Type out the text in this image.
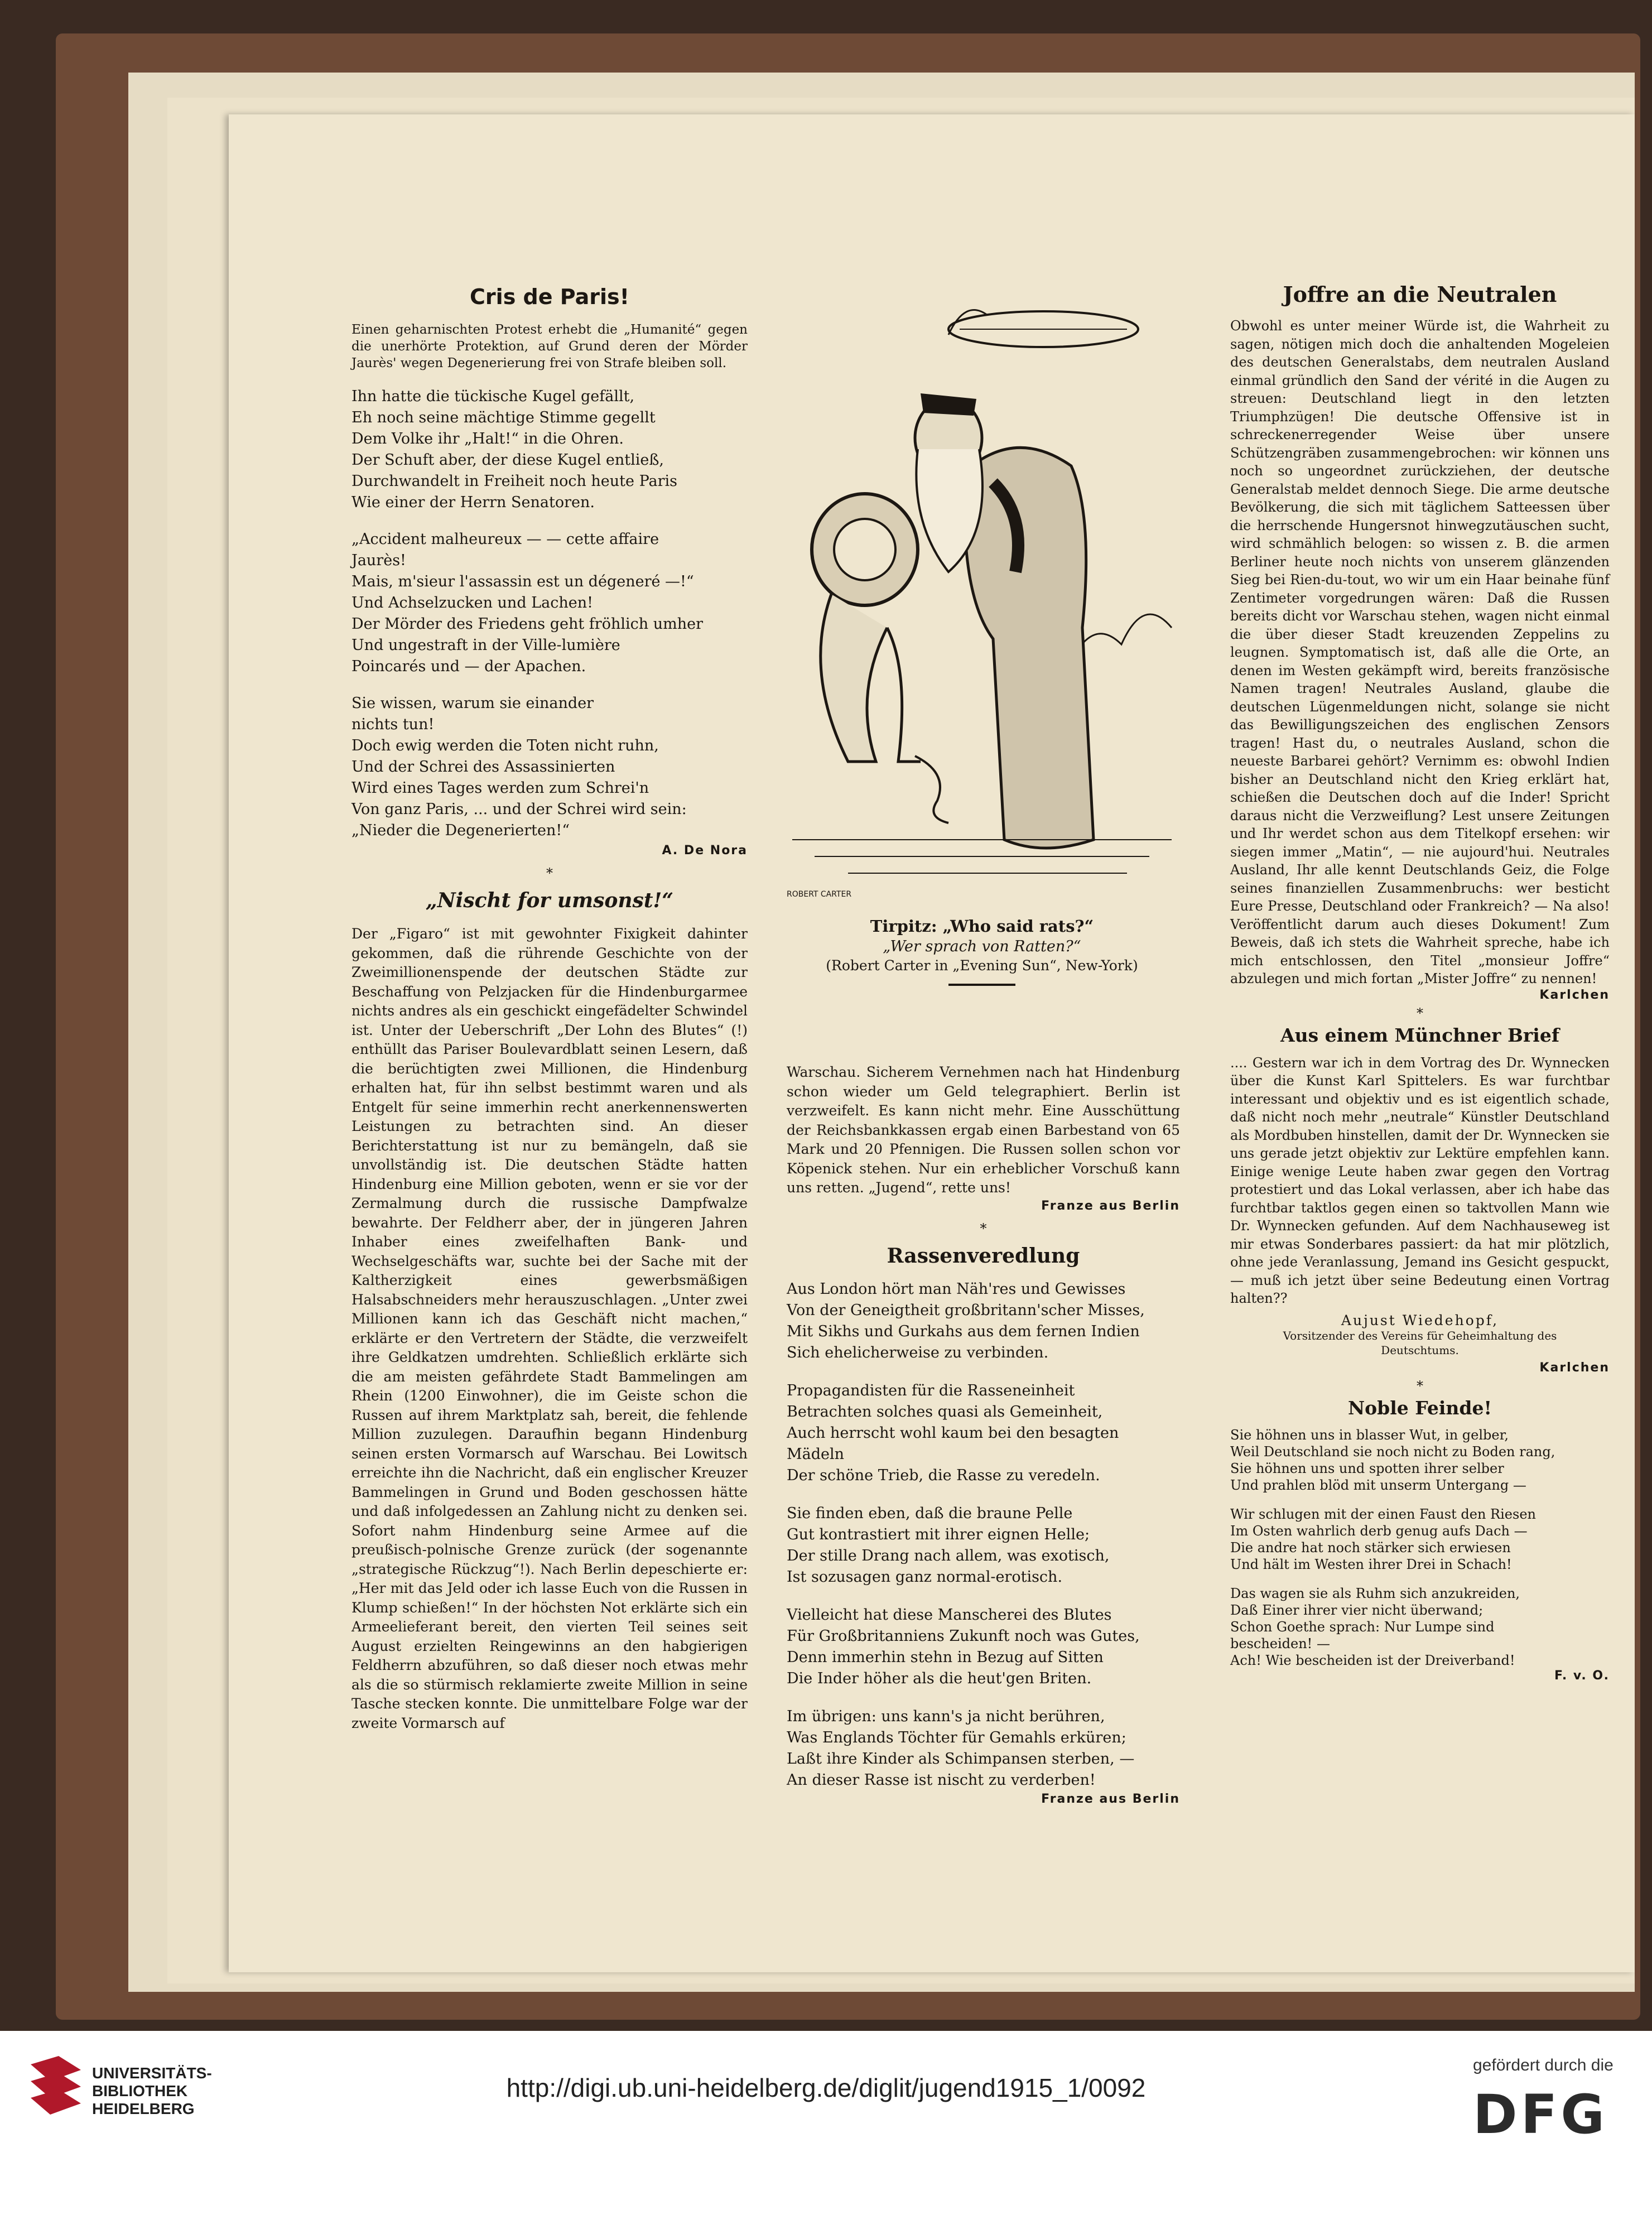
Cris de Paris!
Einen geharnischten Protest erhebt die „Humanité“ gegen die unerhörte Protektion, auf Grund deren der Mörder Jaurès' wegen Degenerierung frei von Strafe bleiben soll.
Ihn hatte die tückische Kugel gefällt,
Eh noch seine mächtige Stimme gegellt
Dem Volke ihr „Halt!“ in die Ohren.
Der Schuft aber, der diese Kugel entließ,
Durchwandelt in Freiheit noch heute Paris
Wie einer der Herrn Senatoren.
„Accident malheureux — — cette affaire
Jaurès!
Mais, m'sieur l'assassin est un dégeneré —!“
Und Achselzucken und Lachen!
Der Mörder des Friedens geht fröhlich umher
Und ungestraft in der Ville-lumière
Poincarés und — der Apachen.
Sie wissen, warum sie einander
nichts tun!
Doch ewig werden die Toten nicht ruhn,
Und der Schrei des Assassinierten
Wird eines Tages werden zum Schrei'n
Von ganz Paris, ... und der Schrei wird sein:
„Nieder die Degenerierten!“
A. De Nora
*
„Nischt for umsonst!“
Der „Figaro“ ist mit gewohnter Fixigkeit dahinter gekommen, daß die rührende Geschichte von der Zweimillionenspende der deutschen Städte zur Beschaffung von Pelzjacken für die Hindenburgarmee nichts andres als ein geschickt eingefädelter Schwindel ist. Unter der Ueberschrift „Der Lohn des Blutes“ (!) enthüllt das Pariser Boulevardblatt seinen Lesern, daß die berüchtigten zwei Millionen, die Hindenburg erhalten hat, für ihn selbst bestimmt waren und als Entgelt für seine immerhin recht anerkennenswerten Leistungen zu betrachten sind. An dieser Berichterstattung ist nur zu bemängeln, daß sie unvollständig ist. Die deutschen Städte hatten Hindenburg eine Million geboten, wenn er sie vor der Zermalmung durch die russische Dampfwalze bewahrte. Der Feldherr aber, der in jüngeren Jahren Inhaber eines zweifelhaften Bank- und Wechselgeschäfts war, suchte bei der Sache mit der Kaltherzigkeit eines gewerbsmäßigen Halsabschneiders mehr herauszuschlagen. „Unter zwei Millionen kann ich das Geschäft nicht machen,“ erklärte er den Vertretern der Städte, die verzweifelt ihre Geldkatzen umdrehten. Schließlich erklärte sich die am meisten gefährdete Stadt Bammelingen am Rhein (1200 Einwohner), die im Geiste schon die Russen auf ihrem Marktplatz sah, bereit, die fehlende Million zuzulegen. Daraufhin begann Hindenburg seinen ersten Vormarsch auf Warschau. Bei Lowitsch erreichte ihn die Nachricht, daß ein englischer Kreuzer Bammelingen in Grund und Boden geschossen hätte und daß infolgedessen an Zahlung nicht zu denken sei. Sofort nahm Hindenburg seine Armee auf die preußisch-polnische Grenze zurück (der sogenannte „strategische Rückzug“!). Nach Berlin depeschierte er: „Her mit das Jeld oder ich lasse Euch von die Russen in Klump schießen!“ In der höchsten Not erklärte sich ein Armeelieferant bereit, den vierten Teil seines seit August erzielten Reingewinns an den habgierigen Feldherrn abzuführen, so daß dieser noch etwas mehr als die so stürmisch reklamierte zweite Million in seine Tasche stecken konnte. Die unmittelbare Folge war der zweite Vormarsch auf
ROBERT CARTER
Tirpitz: „Who said rats?“
„Wer sprach von Ratten?“
(Robert Carter in „Evening Sun“, New-York)
Warschau. Sicherem Vernehmen nach hat Hindenburg schon wieder um Geld telegraphiert. Berlin ist verzweifelt. Es kann nicht mehr. Eine Ausschüttung der Reichsbankkassen ergab einen Barbestand von 65 Mark und 20 Pfennigen. Die Russen sollen schon vor Köpenick stehen. Nur ein erheblicher Vorschuß kann uns retten. „Jugend“, rette uns!
Franze aus Berlin
*
Rassenveredlung
Aus London hört man Näh'res und Gewisses
Von der Geneigtheit großbritann'scher Misses,
Mit Sikhs und Gurkahs aus dem fernen Indien
Sich ehelicherweise zu verbinden.
Propagandisten für die Rasseneinheit
Betrachten solches quasi als Gemeinheit,
Auch herrscht wohl kaum bei den besagten Mädeln
Der schöne Trieb, die Rasse zu veredeln.
Sie finden eben, daß die braune Pelle
Gut kontrastiert mit ihrer eignen Helle;
Der stille Drang nach allem, was exotisch,
Ist sozusagen ganz normal-erotisch.
Vielleicht hat diese Manscherei des Blutes
Für Großbritanniens Zukunft noch was Gutes,
Denn immerhin stehn in Bezug auf Sitten
Die Inder höher als die heut'gen Briten.
Im übrigen: uns kann's ja nicht berühren,
Was Englands Töchter für Gemahls erküren;
Laßt ihre Kinder als Schimpansen sterben, —
An dieser Rasse ist nischt zu verderben!
Franze aus Berlin
Joffre an die Neutralen
Obwohl es unter meiner Würde ist, die Wahrheit zu sagen, nötigen mich doch die anhaltenden Mogeleien des deutschen Generalstabs, dem neutralen Ausland einmal gründlich den Sand der vérité in die Augen zu streuen: Deutschland liegt in den letzten Triumphzügen! Die deutsche Offensive ist in schreckenerregender Weise über unsere Schützengräben zusammengebrochen: wir können uns noch so ungeordnet zurückziehen, der deutsche Generalstab meldet dennoch Siege. Die arme deutsche Bevölkerung, die sich mit täglichem Satteessen über die herrschende Hungersnot hinwegzutäuschen sucht, wird schmählich belogen: so wissen z. B. die armen Berliner heute noch nichts von unserem glänzenden Sieg bei Rien-du-tout, wo wir um ein Haar beinahe fünf Zentimeter vorgedrungen wären: Daß die Russen bereits dicht vor Warschau stehen, wagen nicht einmal die über dieser Stadt kreuzenden Zeppelins zu leugnen. Symptomatisch ist, daß alle die Orte, an denen im Westen gekämpft wird, bereits französische Namen tragen! Neutrales Ausland, glaube die deutschen Lügenmeldungen nicht, solange sie nicht das Bewilligungszeichen des englischen Zensors tragen! Hast du, o neutrales Ausland, schon die neueste Barbarei gehört? Vernimm es: obwohl Indien bisher an Deutschland nicht den Krieg erklärt hat, schießen die Deutschen doch auf die Inder! Spricht daraus nicht die Verzweiflung? Lest unsere Zeitungen und Ihr werdet schon aus dem Titelkopf ersehen: wir siegen immer „Matin“, — nie aujourd'hui. Neutrales Ausland, Ihr alle kennt Deutschlands Geiz, die Folge seines finanziellen Zusammenbruchs: wer besticht Eure Presse, Deutschland oder Frankreich? — Na also! Veröffentlicht darum auch dieses Dokument! Zum Beweis, daß ich stets die Wahrheit spreche, habe ich mich entschlossen, den Titel „monsieur Joffre“ abzulegen und mich fortan „Mister Joffre“ zu nennen!
Karlchen
*
Aus einem Münchner Brief
.... Gestern war ich in dem Vortrag des Dr. Wynnecken über die Kunst Karl Spittelers. Es war furchtbar interessant und objektiv und es ist eigentlich schade, daß nicht noch mehr „neutrale“ Künstler Deutschland als Mordbuben hinstellen, damit der Dr. Wynnecken sie uns gerade jetzt objektiv zur Lektüre empfehlen kann. Einige wenige Leute haben zwar gegen den Vortrag protestiert und das Lokal verlassen, aber ich habe das furchtbar taktlos gegen einen so taktvollen Mann wie Dr. Wynnecken gefunden. Auf dem Nachhauseweg ist mir etwas Sonderbares passiert: da hat mir plötzlich, ohne jede Veranlassung, Jemand ins Gesicht gespuckt, — muß ich jetzt über seine Bedeutung einen Vortrag halten??
Aujust Wiedehopf,
Vorsitzender des Vereins für Geheimhaltung des Deutschtums.
Karlchen
*
Noble Feinde!
Sie höhnen uns in blasser Wut, in gelber,
Weil Deutschland sie noch nicht zu Boden rang,
Sie höhnen uns und spotten ihrer selber
Und prahlen blöd mit unserm Untergang —
Wir schlugen mit der einen Faust den Riesen
Im Osten wahrlich derb genug aufs Dach —
Die andre hat noch stärker sich erwiesen
Und hält im Westen ihrer Drei in Schach!
Das wagen sie als Ruhm sich anzukreiden,
Daß Einer ihrer vier nicht überwand;
Schon Goethe sprach: Nur Lumpe sind
bescheiden! —
Ach! Wie bescheiden ist der Dreiverband!
F. v. O.
UNIVERSITÄTS-
BIBLIOTHEK
HEIDELBERG
http://digi.ub.uni-heidelberg.de/diglit/jugend1915_1/0092
gefördert durch die
DFG
